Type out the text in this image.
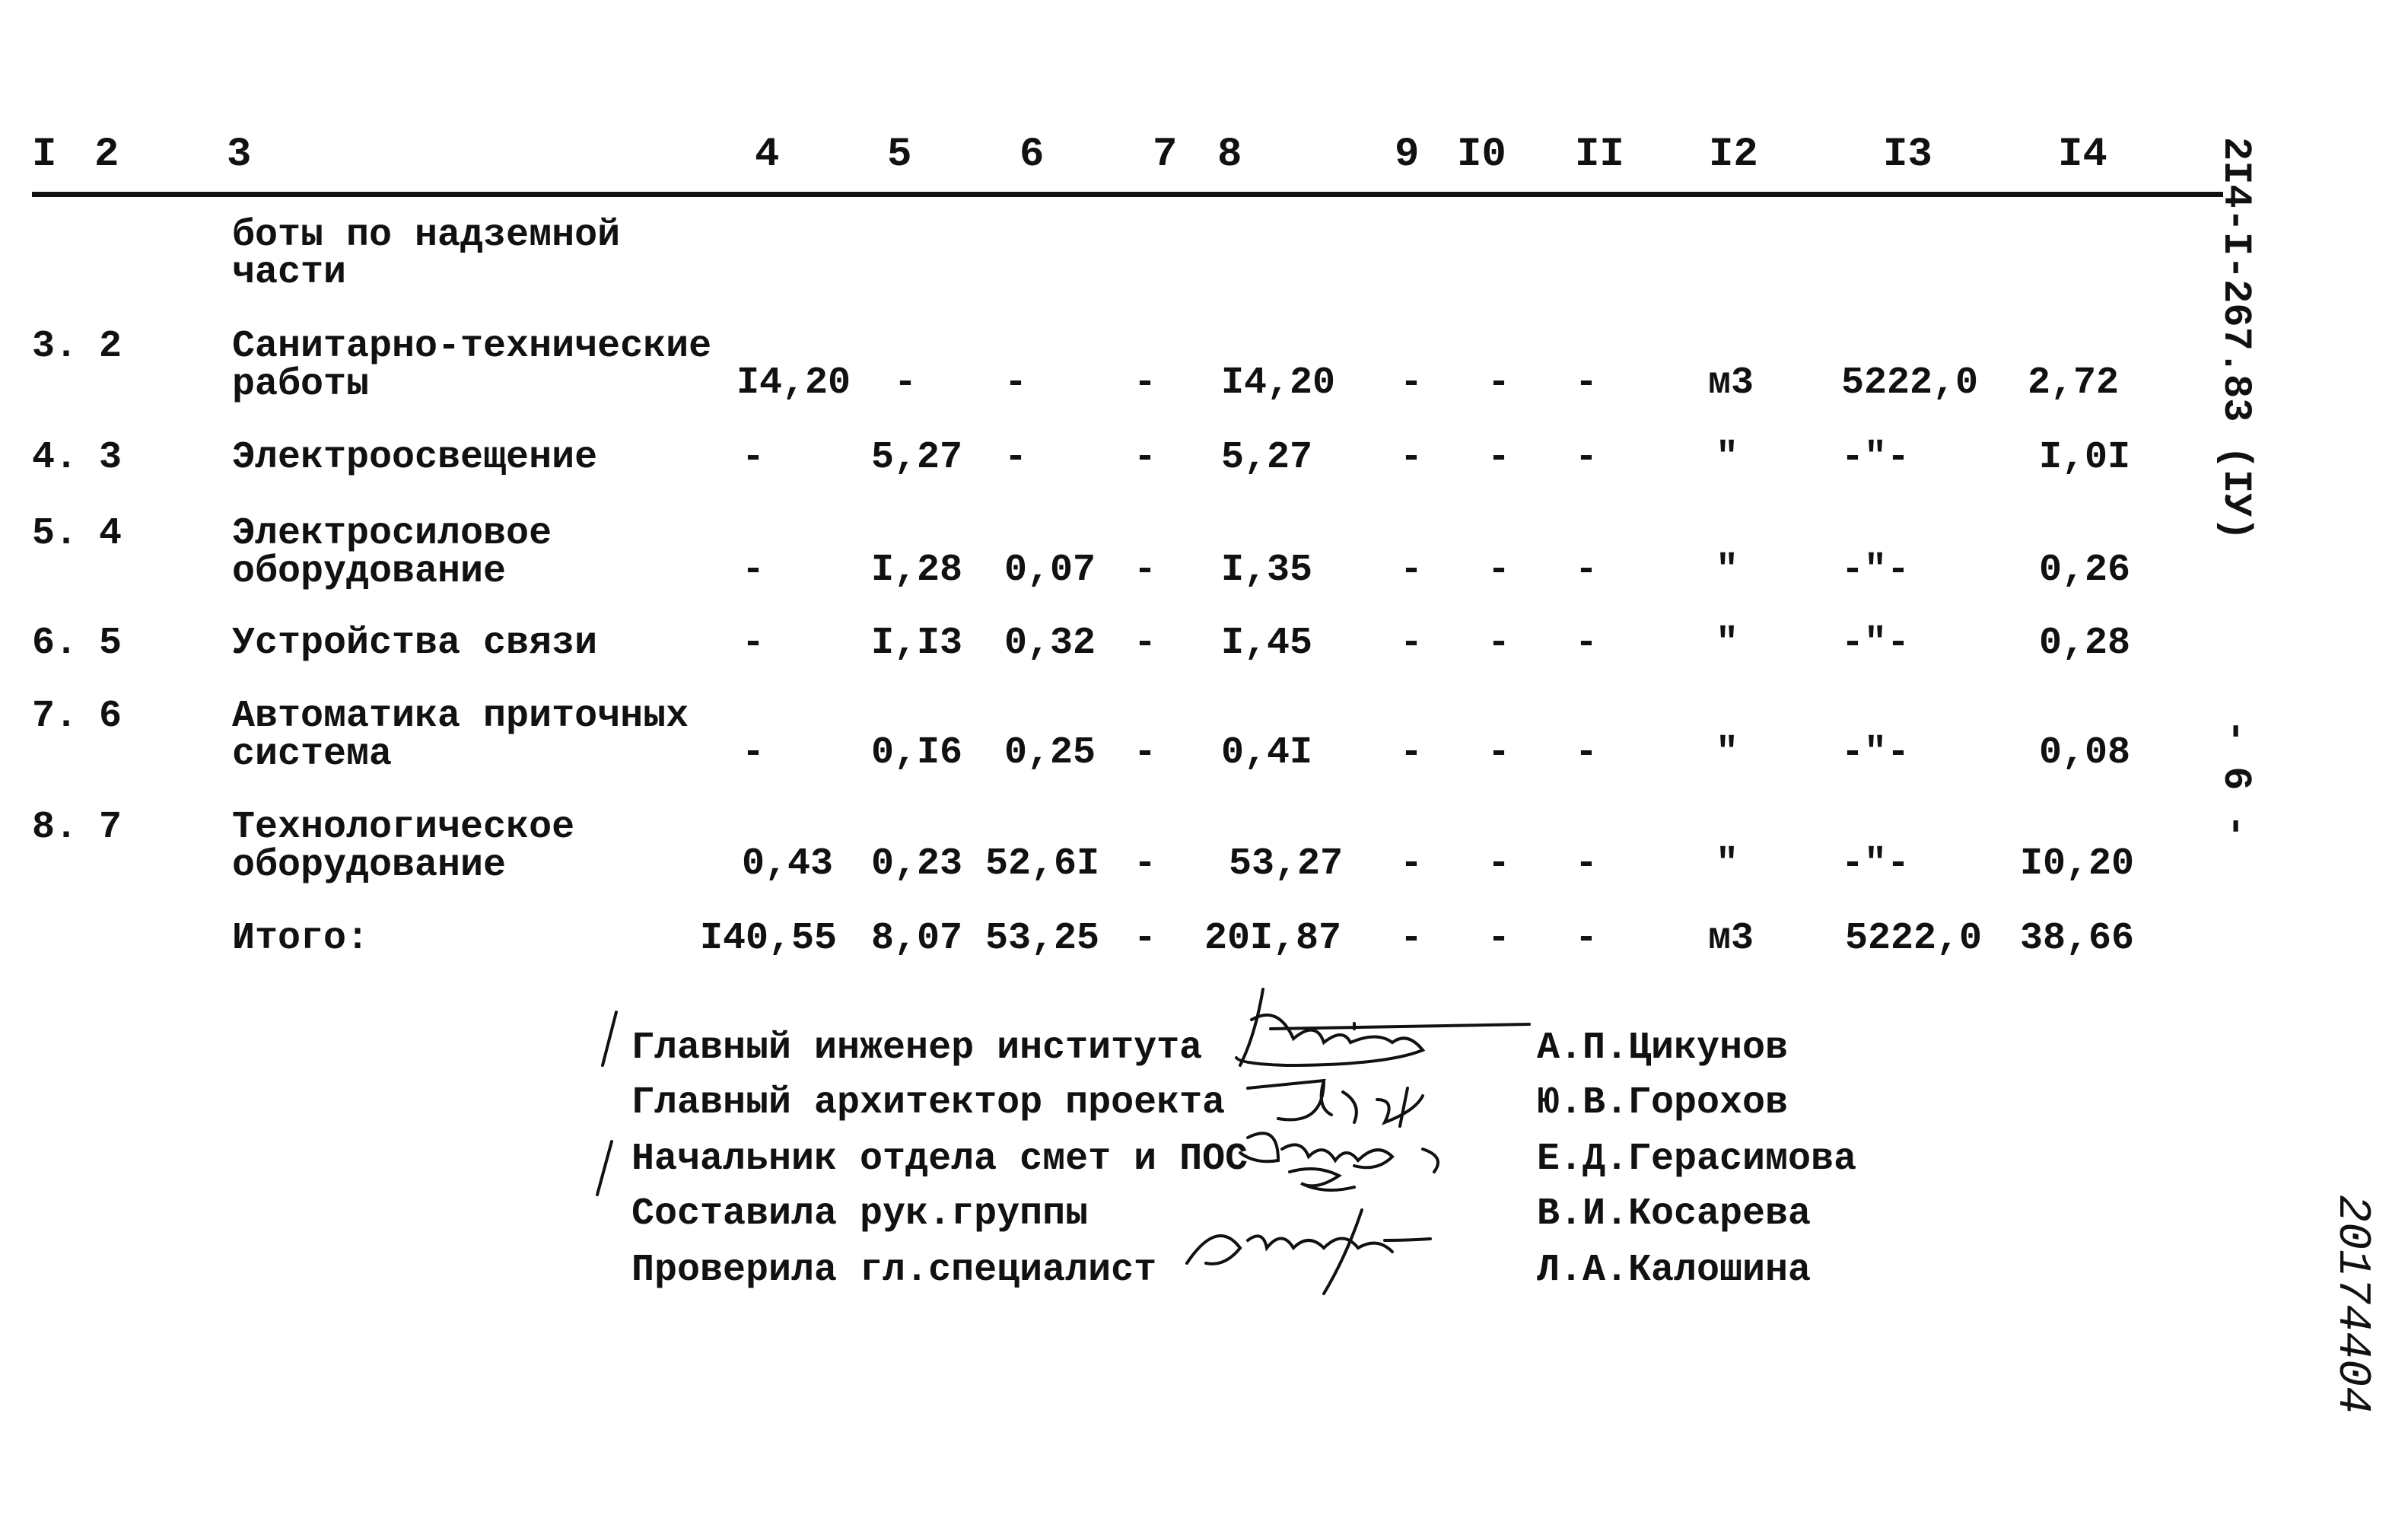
I 2	3	4	5	6	7 8	9 I0 II I2	I3	I4	2I4-I-267.83 (IУ)
- 6 -
20174404
боты по надземной
части
3. 2	Санитарно-технические
работы	I4,20 - -	- I4,20 - - -	м3 5222,0 2,72
4. 3	Электроосвещение	-	5,27 -	- 5,27 - - -	"	-"-	I,0I
5. 4	Электросиловое
оборудование	-	I,28 0,07 - I,35 - - -	"	-"-	0,26
6. 5	Устройства связи	-	I,I3 0,32 - I,45 - - -	"	-"-	0,28
7. 6	Автоматика приточных
система	-	0,I6 0,25 - 0,4I - - -	"	-"-	0,08
8. 7	Технологическое
оборудование	0,43 0,23 52,6I - 53,27 - - -	"	-"-	I0,20
Итого:	I40,55 8,07 53,25 - 20I,87 - - -	м3 5222,0 38,66
Главный инженер института	А.П.Цикунов
Главный архитектор проекта	Ю.В.Горохов
Начальник отдела смет и ПОС	Е.Д.Герасимова
Составила рук.группы	В.И.Косарева
Проверила гл.специалист	Л.А.Калошина
